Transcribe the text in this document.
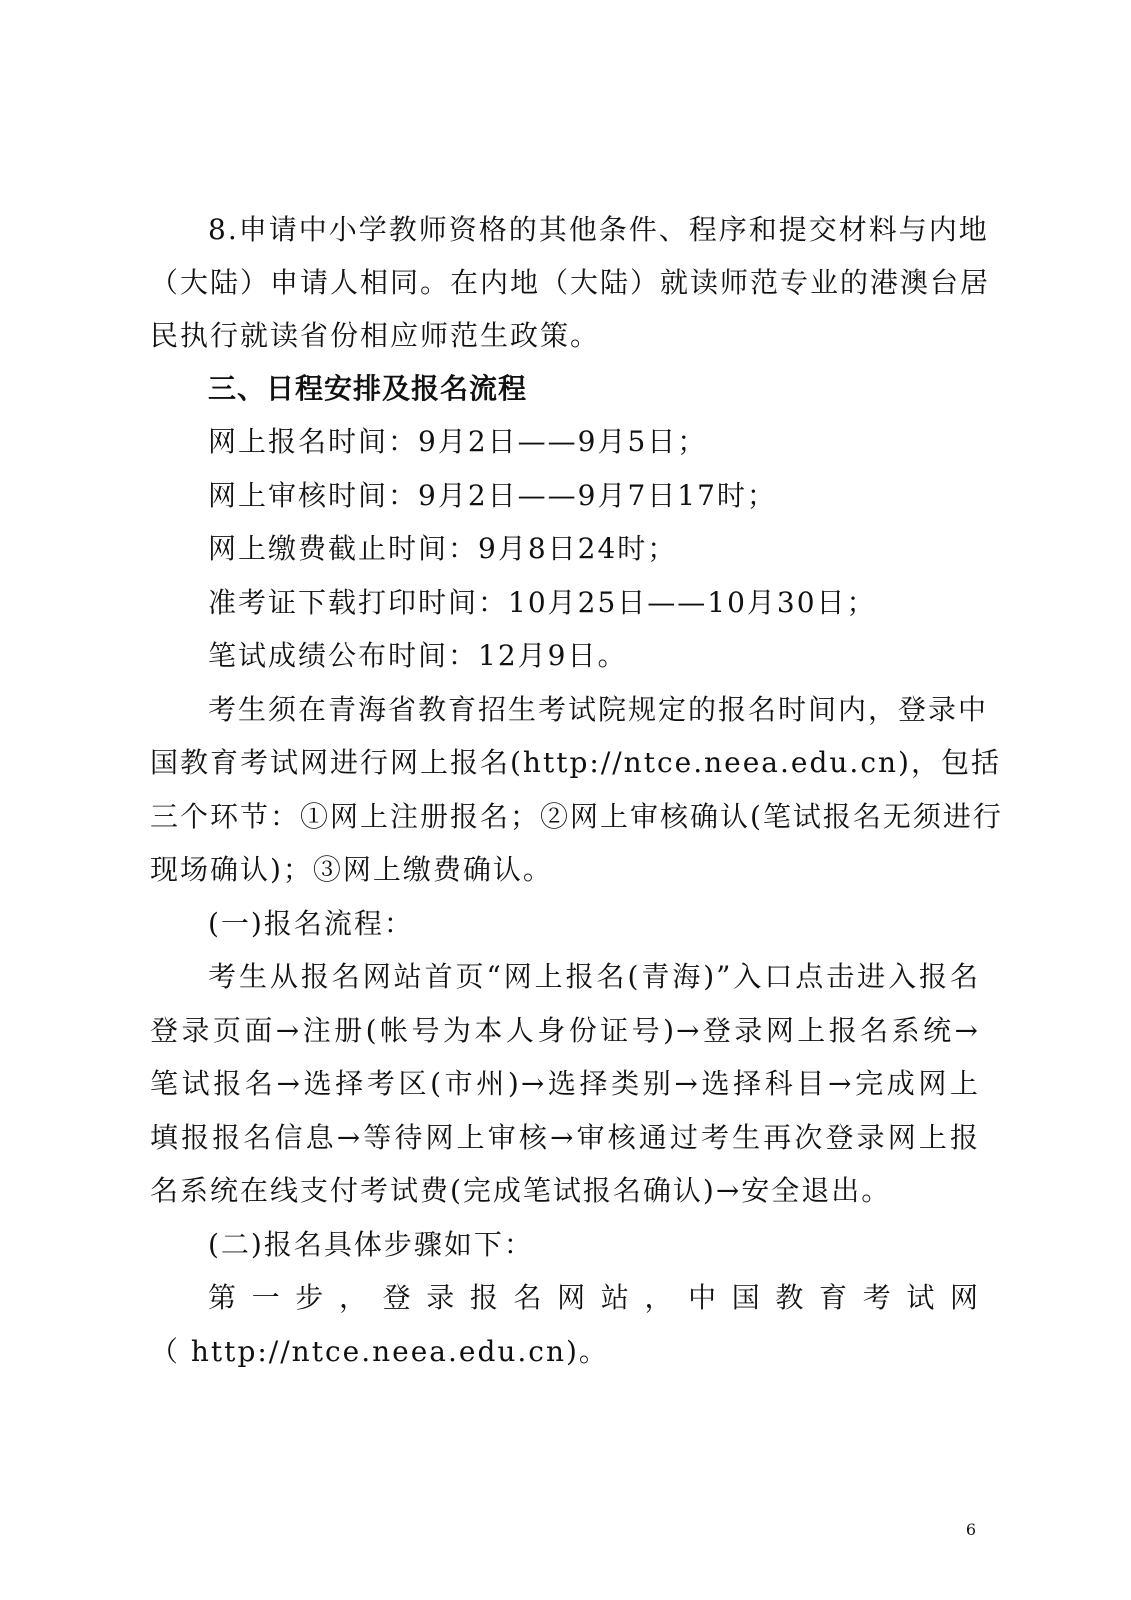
8.申请中小学教师资格的其他条件、程序和提交材料与内地
（大陆）申请人相同。在内地（大陆）就读师范专业的港澳台居
民执行就读省份相应师范生政策。
三、日程安排及报名流程
网上报名时间：9月2日——9月5日；
网上审核时间：9月2日——9月7日17时；
网上缴费截止时间：9月8日24时；
准考证下载打印时间：10月25日——10月30日；
笔试成绩公布时间：12月9日。
考生须在青海省教育招生考试院规定的报名时间内，登录中
国教育考试网进行网上报名(http://ntce.neea.edu.cn)，包括
三个环节：①网上注册报名；②网上审核确认(笔试报名无须进行
现场确认)；③网上缴费确认。
(一)报名流程：
考生从报名网站首页“网上报名(青海)”入口点击进入报名
登录页面→注册(帐号为本人身份证号)→登录网上报名系统→
笔试报名→选择考区(市州)→选择类别→选择科目→完成网上
填报报名信息→等待网上审核→审核通过考生再次登录网上报
名系统在线支付考试费(完成笔试报名确认)→安全退出。
(二)报名具体步骤如下：
第一步，登录报名网站，中国教育考试网
（ http://ntce.neea.edu.cn)。
6
